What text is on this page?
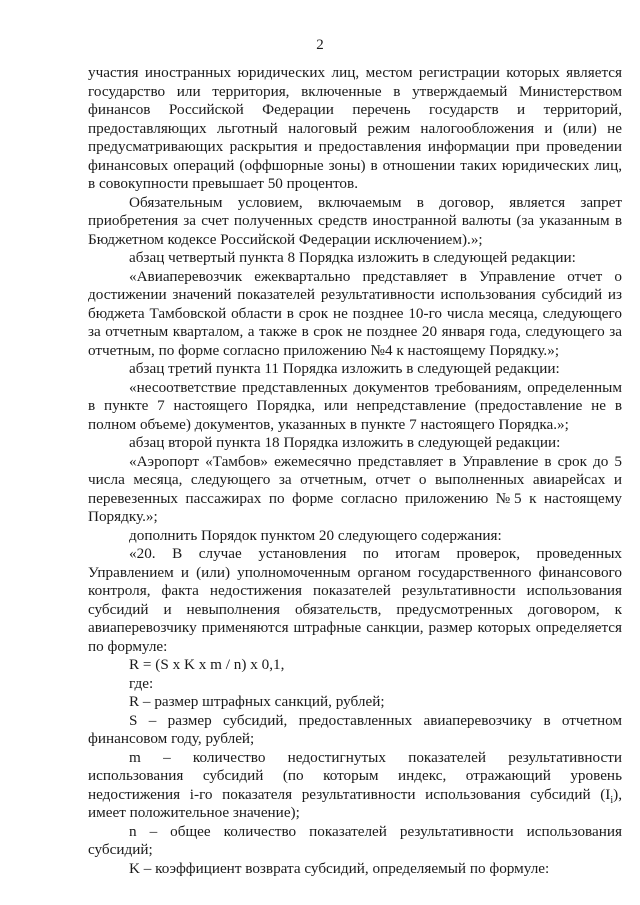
2

участия иностранных юридических лиц, местом регистрации которых является государство или территория, включенные в утверждаемый Министерством финансов Российской Федерации перечень государств и территорий, предоставляющих льготный налоговый режим налогообложения и (или) не предусматривающих раскрытия и предоставления информации при проведении финансовых операций (оффшорные зоны) в отношении таких юридических лиц, в совокупности превышает 50 процентов.

Обязательным условием, включаемым в договор, является запрет приобретения за счет полученных средств иностранной валюты (за указанным в Бюджетном кодексе Российской Федерации исключением).»;

абзац четвертый пункта 8 Порядка изложить в следующей редакции:

«Авиаперевозчик ежеквартально представляет в Управление отчет о достижении значений показателей результативности использования субсидий из бюджета Тамбовской области в срок не позднее 10-го числа месяца, следующего за отчетным кварталом, а также в срок не позднее 20 января года, следующего за отчетным, по форме согласно приложению №4 к настоящему Порядку.»;

абзац третий пункта 11 Порядка изложить в следующей редакции:

«несоответствие представленных документов требованиям, определенным в пункте 7 настоящего Порядка, или непредставление (предоставление не в полном объеме) документов, указанных в пункте 7 настоящего Порядка.»;

абзац второй пункта 18 Порядка изложить в следующей редакции:

«Аэропорт «Тамбов» ежемесячно представляет в Управление в срок до 5 числа месяца, следующего за отчетным, отчет о выполненных авиарейсах и перевезенных пассажирах по форме согласно приложению №5 к настоящему Порядку.»;

дополнить Порядок пунктом 20 следующего содержания:

«20. В случае установления по итогам проверок, проведенных Управлением и (или) уполномоченным органом государственного финансового контроля, факта недостижения показателей результативности использования субсидий и невыполнения обязательств, предусмотренных договором, к авиаперевозчику применяются штрафные санкции, размер которых определяется по формуле:

R = (S x K x m / n) x 0,1,

где:

R – размер штрафных санкций, рублей;

S – размер субсидий, предоставленных авиаперевозчику в отчетном финансовом году, рублей;

m – количество недостигнутых показателей результативности использования субсидий (по которым индекс, отражающий уровень недостижения i-го показателя результативности использования субсидий $(I_i)$, имеет положительное значение);

n – общее количество показателей результативности использования субсидий;

K – коэффициент возврата субсидий, определяемый по формуле:
